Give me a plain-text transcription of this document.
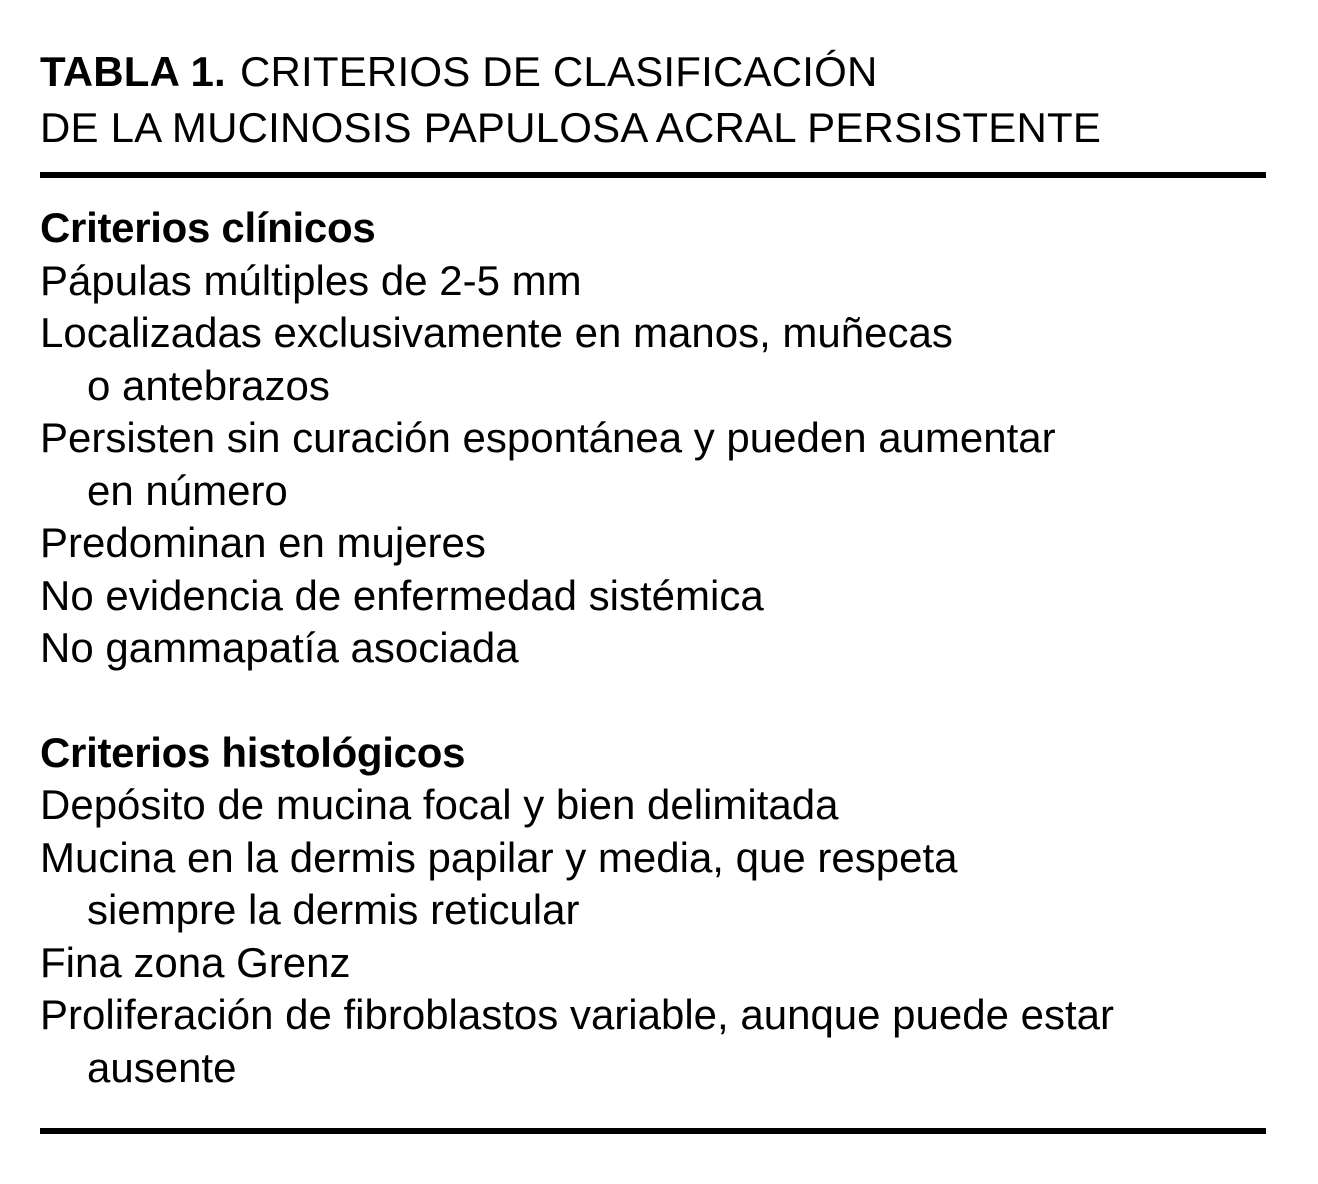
TABLA 1. CRITERIOS DE CLASIFICACIÓN
DE LA MUCINOSIS PAPULOSA ACRAL PERSISTENTE
Criterios clínicos
Pápulas múltiples de 2-5 mm
Localizadas exclusivamente en manos, muñecas
o antebrazos
Persisten sin curación espontánea y pueden aumentar
en número
Predominan en mujeres
No evidencia de enfermedad sistémica
No gammapatía asociada
Criterios histológicos
Depósito de mucina focal y bien delimitada
Mucina en la dermis papilar y media, que respeta
siempre la dermis reticular
Fina zona Grenz
Proliferación de fibroblastos variable, aunque puede estar
ausente
